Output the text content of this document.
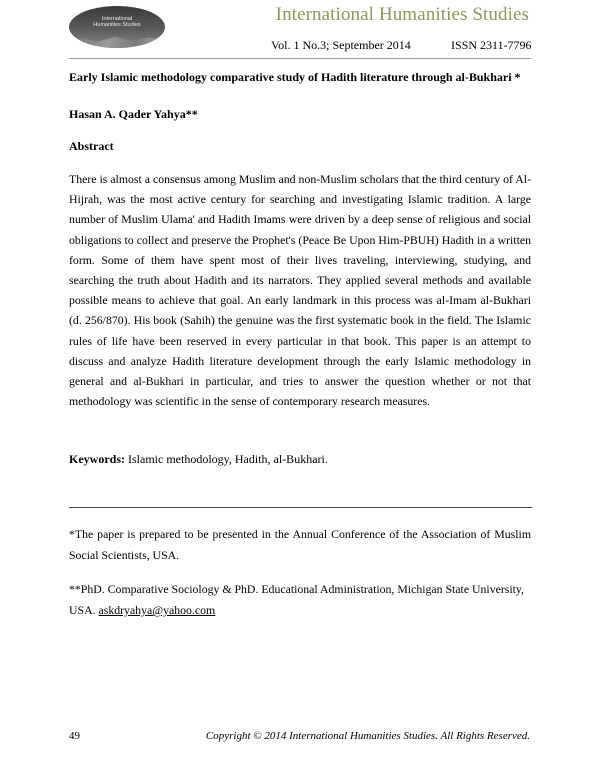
International
Humanities Studies	International Humanities Studies
Vol. 1 No.3; September 2014	ISSN 2311-7796
Early Islamic methodology comparative study of Hadith literature through al-Bukhari *
Hasan A. Qader Yahya**
Abstract
There is almost a consensus among Muslim and non-Muslim scholars that the third century of Al-Hijrah, was the most active century for searching and investigating Islamic tradition. A large number of Muslim Ulama' and Hadith Imams were driven by a deep sense of religious and social obligations to collect and preserve the Prophet's (Peace Be Upon Him-PBUH) Hadith in a written form. Some of them have spent most of their lives traveling, interviewing, studying, and searching the truth about Hadith and its narrators. They applied several methods and available possible means to achieve that goal. An early landmark in this process was al-Imam al-Bukhari (d. 256/870). His book (Sahih) the genuine was the first systematic book in the field. The Islamic rules of life have been reserved in every particular in that book. This paper is an attempt to discuss and analyze Hadith literature development through the early Islamic methodology in general and al-Bukhari in particular, and tries to answer the question whether or not that methodology was scientific in the sense of contemporary research measures.
Keywords: Islamic methodology, Hadith, al-Bukhari.
*The paper is prepared to be presented in the Annual Conference of the Association of Muslim Social Scientists, USA.
**PhD. Comparative Sociology & PhD. Educational Administration, Michigan State University, USA. askdryahya@yahoo.com
49	Copyright © 2014 International Humanities Studies. All Rights Reserved.
